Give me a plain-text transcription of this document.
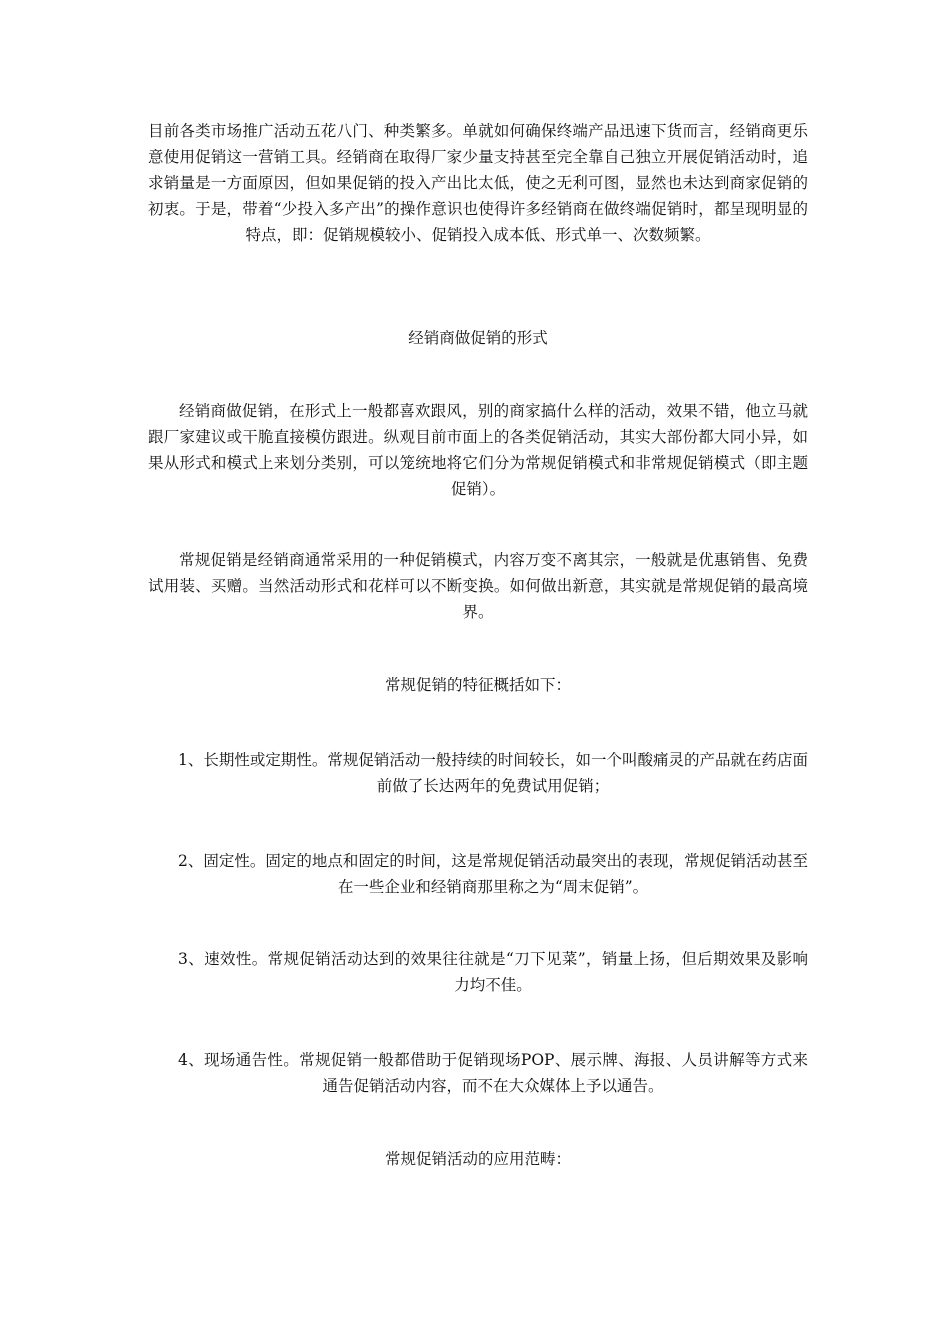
目前各类市场推广活动五花八门、种类繁多。单就如何确保终端产品迅速下货而言，经销商更乐意使用促销这一营销工具。经销商在取得厂家少量支持甚至完全靠自己独立开展促销活动时，追求销量是一方面原因，但如果促销的投入产出比太低，使之无利可图，显然也未达到商家促销的初衷。于是，带着“少投入多产出”的操作意识也使得许多经销商在做终端促销时，都呈现明显的特点，即：促销规模较小、促销投入成本低、形式单一、次数频繁。

经销商做促销的形式

经销商做促销，在形式上一般都喜欢跟风，别的商家搞什么样的活动，效果不错，他立马就跟厂家建议或干脆直接模仿跟进。纵观目前市面上的各类促销活动，其实大部份都大同小异，如果从形式和模式上来划分类别，可以笼统地将它们分为常规促销模式和非常规促销模式（即主题促销）。

常规促销是经销商通常采用的一种促销模式，内容万变不离其宗，一般就是优惠销售、免费试用装、买赠。当然活动形式和花样可以不断变换。如何做出新意，其实就是常规促销的最高境界。

常规促销的特征概括如下：

1、长期性或定期性。常规促销活动一般持续的时间较长，如一个叫酸痛灵的产品就在药店面前做了长达两年的免费试用促销；

2、固定性。固定的地点和固定的时间，这是常规促销活动最突出的表现，常规促销活动甚至在一些企业和经销商那里称之为“周末促销”。

3、速效性。常规促销活动达到的效果往往就是“刀下见菜”，销量上扬，但后期效果及影响力均不佳。

4、现场通告性。常规促销一般都借助于促销现场POP、展示牌、海报、人员讲解等方式来通告促销活动内容，而不在大众媒体上予以通告。

常规促销活动的应用范畴：
